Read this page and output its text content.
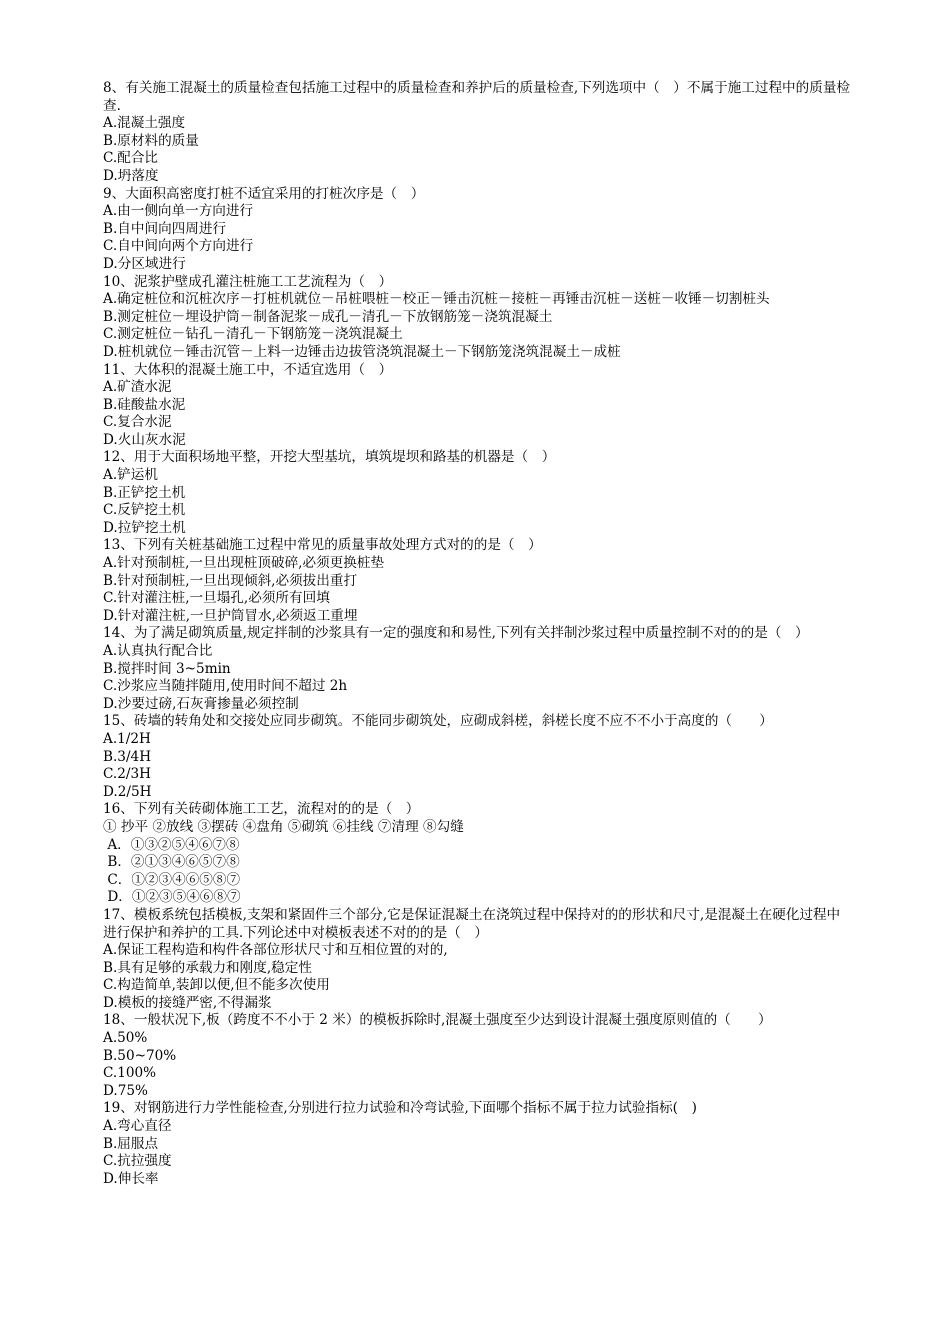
8、有关施工混凝土的质量检查包括施工过程中的质量检查和养护后的质量检查,下列选项中（　）不属于施工过程中的质量检查.
A.混凝土强度
B.原材料的质量
C.配合比
D.坍落度
9、大面积高密度打桩不适宜采用的打桩次序是（　）
A.由一侧向单一方向进行
B.自中间向四周进行
C.自中间向两个方向进行
D.分区域进行
10、泥浆护壁成孔灌注桩施工工艺流程为（　）
A.确定桩位和沉桩次序－打桩机就位－吊桩喂桩－校正－锤击沉桩－接桩－再锤击沉桩－送桩－收锤－切割桩头
B.测定桩位－埋设护筒－制备泥浆－成孔－清孔－下放钢筋笼－浇筑混凝土
C.测定桩位－钻孔－清孔－下钢筋笼－浇筑混凝土
D.桩机就位－锤击沉管－上料一边锤击边拔管浇筑混凝土－下钢筋笼浇筑混凝土－成桩
11、大体积的混凝土施工中，不适宜选用（　）
A.矿渣水泥
B.硅酸盐水泥
C.复合水泥
D.火山灰水泥
12、用于大面积场地平整，开挖大型基坑，填筑堤坝和路基的机器是（　）
A.铲运机
B.正铲挖土机
C.反铲挖土机
D.拉铲挖土机
13、下列有关桩基础施工过程中常见的质量事故处理方式对的的是（　）
A.针对预制桩,一旦出现桩顶破碎,必须更换桩垫
B.针对预制桩,一旦出现倾斜,必须拔出重打
C.针对灌注桩,一旦塌孔,必须所有回填
D.针对灌注桩,一旦护筒冒水,必须返工重埋
14、为了满足砌筑质量,规定拌制的沙浆具有一定的强度和和易性,下列有关拌制沙浆过程中质量控制不对的的是（　）
A.认真执行配合比
B.搅拌时间 3~5min
C.沙浆应当随拌随用,使用时间不超过 2h
D.沙要过磅,石灰膏掺量必须控制
15、砖墙的转角处和交接处应同步砌筑。不能同步砌筑处，应砌成斜槎，斜槎长度不应不不小于高度的（　　）
A.1/2H
B.3/4H
C.2/3H
D.2/5H
16、下列有关砖砌体施工工艺，流程对的的是（　）
① 抄平 ②放线 ③摆砖 ④盘角 ⑤砌筑 ⑥挂线 ⑦清理 ⑧勾缝
A．①③②⑤④⑥⑦⑧
B．②①③④⑥⑤⑦⑧
C．①②③④⑥⑤⑧⑦
D．①②③⑤④⑥⑧⑦
17、模板系统包括模板,支架和紧固件三个部分,它是保证混凝土在浇筑过程中保持对的的形状和尺寸,是混凝土在硬化过程中进行保护和养护的工具.下列论述中对模板表述不对的的是（　）
A.保证工程构造和构件各部位形状尺寸和互相位置的对的,
B.具有足够的承载力和刚度,稳定性
C.构造简单,装卸以便,但不能多次使用
D.模板的接缝严密,不得漏浆
18、一般状况下,板（跨度不不小于 2 米）的模板拆除时,混凝土强度至少达到设计混凝土强度原则值的（　　）
A.50%
B.50~70%
C.100%
D.75%
19、对钢筋进行力学性能检查,分别进行拉力试验和冷弯试验,下面哪个指标不属于拉力试验指标(　)
A.弯心直径
B.屈服点
C.抗拉强度
D.伸长率
